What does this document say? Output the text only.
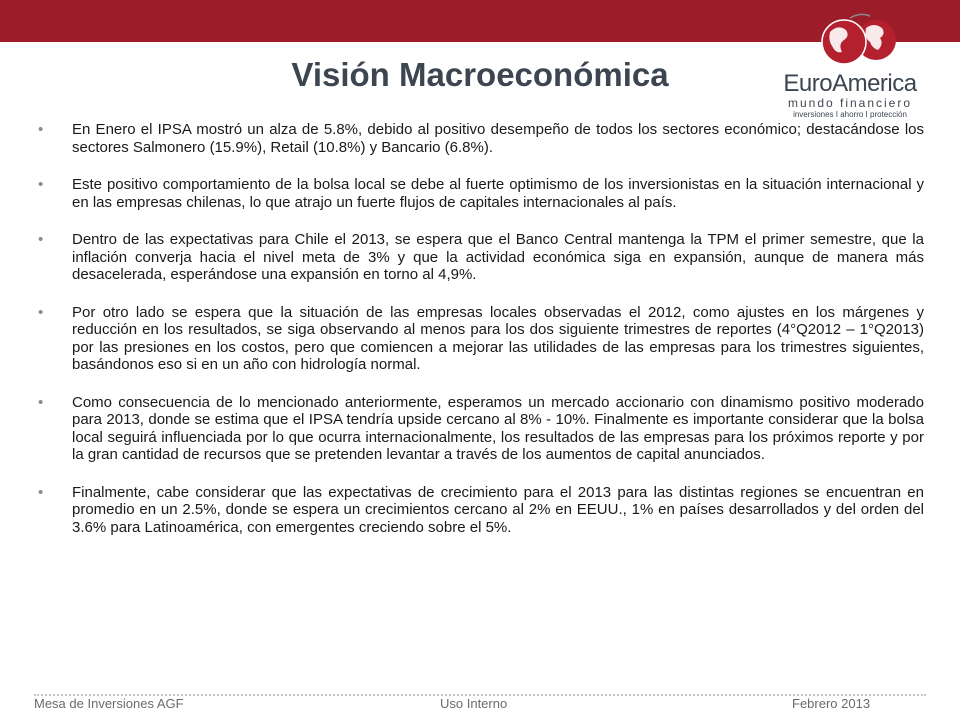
Visión Macroeconómica	EuroAmerica
mundo financiero
inversiones I ahorro I protección
• En Enero el IPSA mostró un alza de 5.8%, debido al positivo desempeño de todos los sectores económico; destacándose los sectores Salmonero (15.9%), Retail (10.8%) y Bancario (6.8%).
• Este positivo comportamiento de la bolsa local se debe al fuerte optimismo de los inversionistas en la situación internacional y en las empresas chilenas, lo que atrajo un fuerte flujos de capitales internacionales al país.
• Dentro de las expectativas para Chile el 2013, se espera que el Banco Central mantenga la TPM el primer semestre, que la inflación converja hacia el nivel meta de 3% y que la actividad económica siga en expansión, aunque de manera más desacelerada, esperándose una expansión en torno al 4,9%.
• Por otro lado se espera que la situación de las empresas locales observadas el 2012, como ajustes en los márgenes y reducción en los resultados, se siga observando al menos para los dos siguiente trimestres de reportes (4°Q2012 – 1°Q2013) por las presiones en los costos, pero que comiencen a mejorar las utilidades de las empresas para los trimestres siguientes, basándonos eso si en un año con hidrología normal.
• Como consecuencia de lo mencionado anteriormente, esperamos un mercado accionario con dinamismo positivo moderado para 2013, donde se estima que el IPSA tendría upside cercano al 8% - 10%. Finalmente es importante considerar que la bolsa local seguirá influenciada por lo que ocurra internacionalmente, los resultados de las empresas para los próximos reporte y por la gran cantidad de recursos que se pretenden levantar a través de los aumentos de capital anunciados.
• Finalmente, cabe considerar que las expectativas de crecimiento para el 2013 para las distintas regiones se encuentran en promedio en un 2.5%, donde se espera un crecimientos cercano al 2% en EEUU., 1% en países desarrollados y del orden del 3.6% para Latinoamérica, con emergentes creciendo sobre el 5%.
Mesa de Inversiones AGF	Uso Interno	Febrero 2013
